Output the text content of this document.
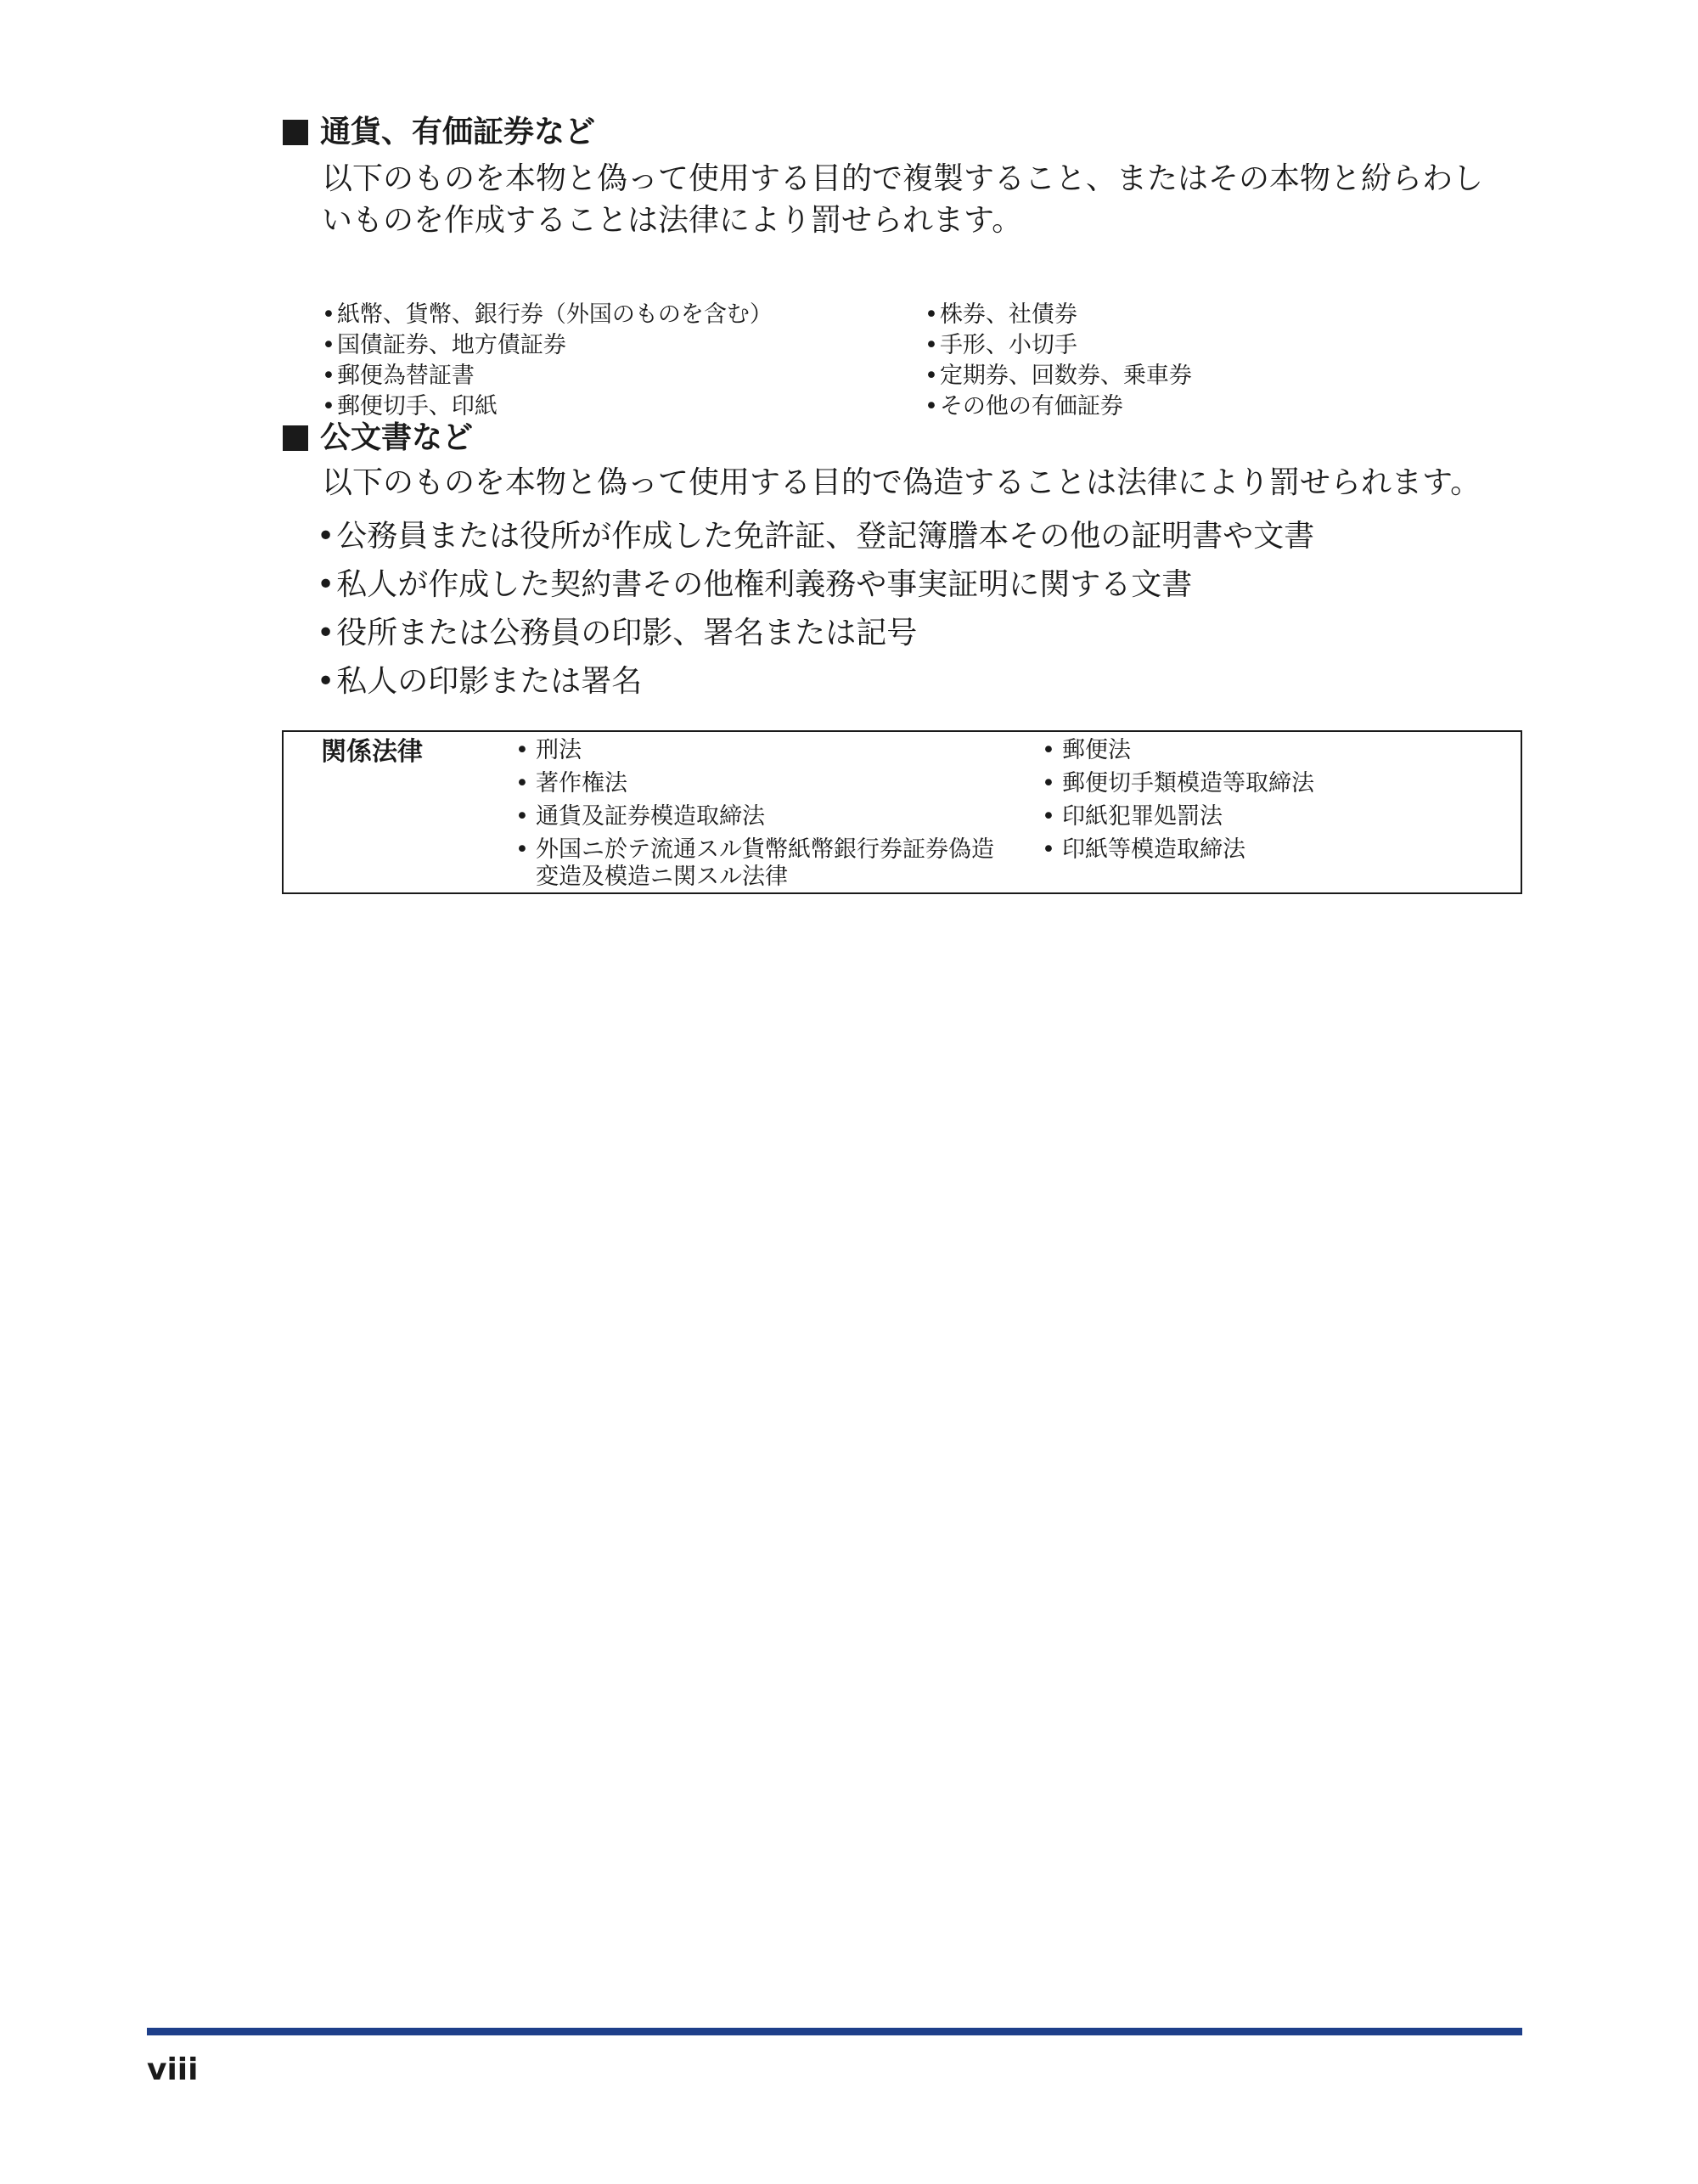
通貨、有価証券など
以下のものを本物と偽って使用する目的で複製すること、またはその本物と紛らわしいものを作成することは法律により罰せられます。
•紙幣、貨幣、銀行券（外国のものを含む）	•株券、社債券
•国債証券、地方債証券	•手形、小切手
•郵便為替証書	•定期券、回数券、乗車券
•郵便切手、印紙	•その他の有価証券
公文書など
以下のものを本物と偽って使用する目的で偽造することは法律により罰せられます。
•公務員または役所が作成した免許証、登記簿謄本その他の証明書や文書
•私人が作成した契約書その他権利義務や事実証明に関する文書
•役所または公務員の印影、署名または記号
•私人の印影または署名
関係法律	• 刑法
• 著作権法
• 通貨及証券模造取締法
• 外国ニ於テ流通スル貨幣紙幣銀行券証券偽造変造及模造ニ関スル法律
• 郵便法
• 郵便切手類模造等取締法
• 印紙犯罪処罰法
• 印紙等模造取締法
viii
